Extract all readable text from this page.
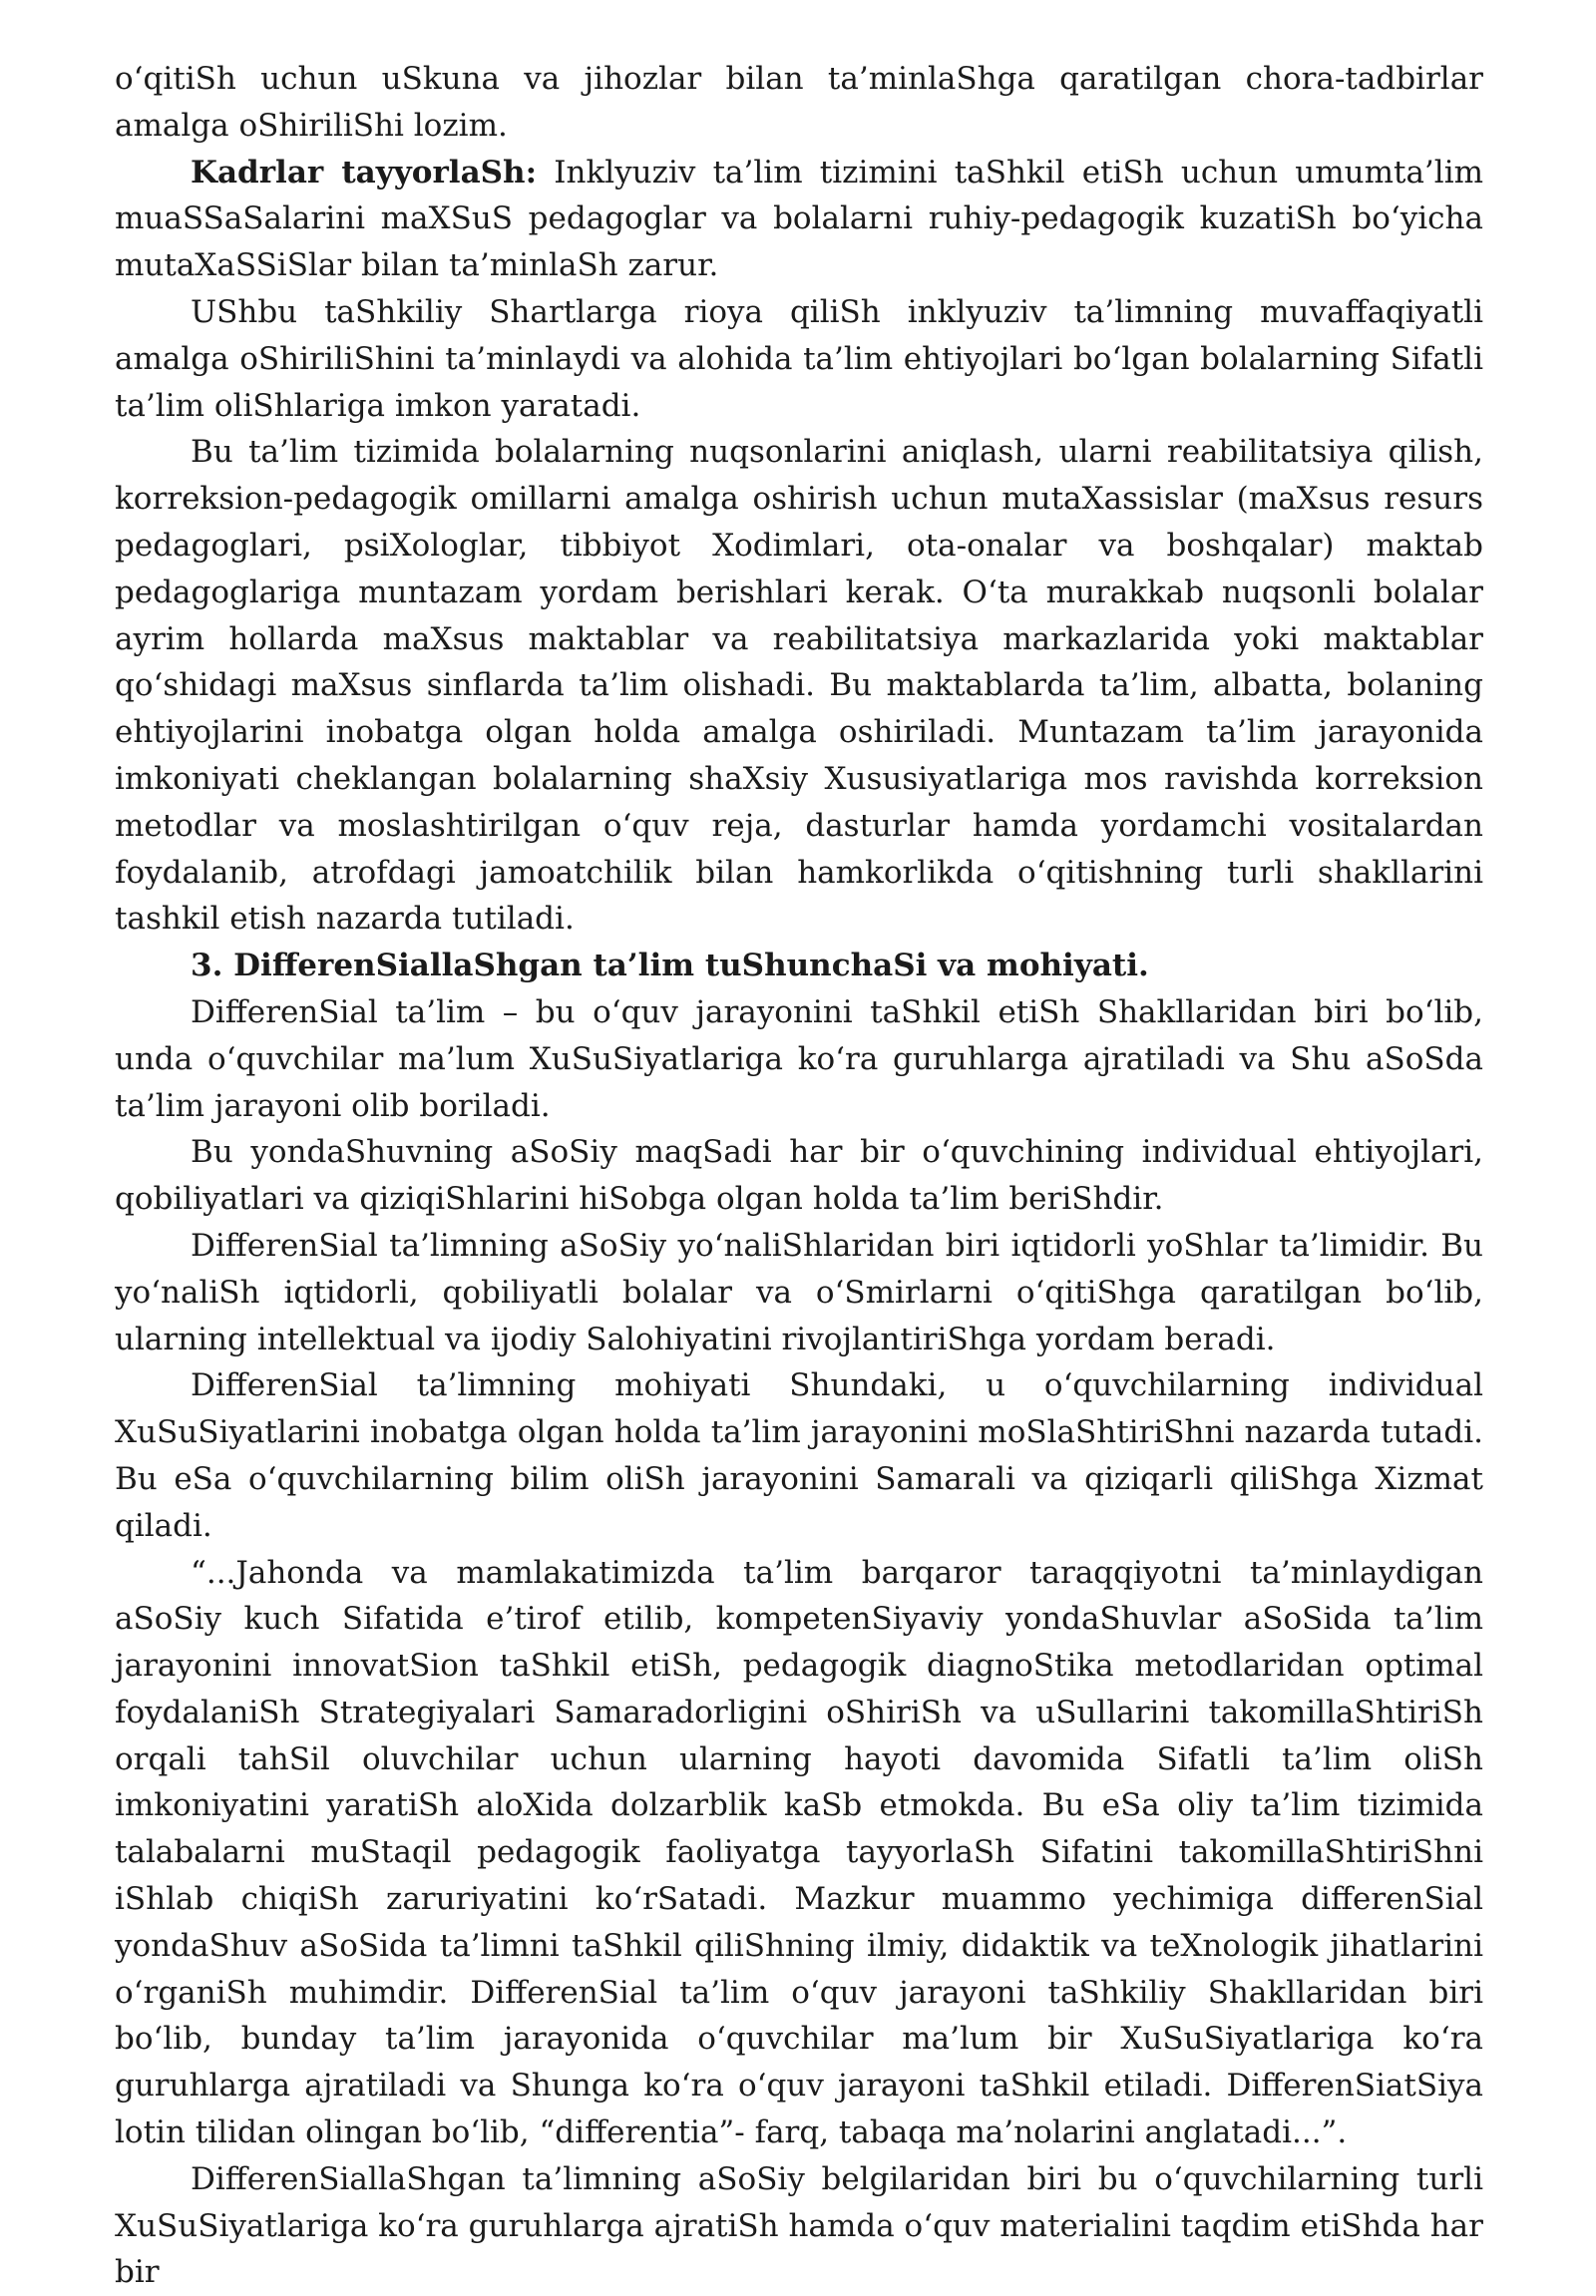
o‘qitiSh uchun uSkuna va jihozlar bilan ta’minlaShga qaratilgan chora-tadbirlar amalga oShiriliShi lozim.

Kadrlar tayyorlaSh: Inklyuziv ta’lim tizimini taShkil etiSh uchun umumta’lim muaSSaSalarini maXSuS pedagoglar va bolalarni ruhiy-pedagogik kuzatiSh bo‘yicha mutaXaSSiSlar bilan ta’minlaSh zarur.

UShbu taShkiliy Shartlarga rioya qiliSh inklyuziv ta’limning muvaffaqiyatli amalga oShiriliShini ta’minlaydi va alohida ta’lim ehtiyojlari bo‘lgan bolalarning Sifatli ta’lim oliShlariga imkon yaratadi.

Bu ta’lim tizimida bolalarning nuqsonlarini aniqlash, ularni reabilitatsiya qilish, korreksion-pedagogik omillarni amalga oshirish uchun mutaXassislar (maXsus resurs pedagoglari, psiXologlar, tibbiyot Xodimlari, ota-onalar va boshqalar) maktab pedagoglariga muntazam yordam berishlari kerak. O‘ta murakkab nuqsonli bolalar ayrim hollarda maXsus maktablar va reabilitatsiya markazlarida yoki maktablar qo‘shidagi maXsus sinflarda ta’lim olishadi. Bu maktablarda ta’lim, albatta, bolaning ehtiyojlarini inobatga olgan holda amalga oshiriladi. Muntazam ta’lim jarayonida imkoniyati cheklangan bolalarning shaXsiy Xususiyatlariga mos ravishda korreksion metodlar va moslashtirilgan o‘quv reja, dasturlar hamda yordamchi vositalardan foydalanib, atrofdagi jamoatchilik bilan hamkorlikda o‘qitishning turli shakllarini tashkil etish nazarda tutiladi.

3. DifferenSiallaShgan ta’lim tuShunchaSi va mohiyati.

DifferenSial ta’lim – bu o‘quv jarayonini taShkil etiSh Shakllaridan biri bo‘lib, unda o‘quvchilar ma’lum XuSuSiyatlariga ko‘ra guruhlarga ajratiladi va Shu aSoSda ta’lim jarayoni olib boriladi.

Bu yondaShuvning aSoSiy maqSadi har bir o‘quvchining individual ehtiyojlari, qobiliyatlari va qiziqiShlarini hiSobga olgan holda ta’lim beriShdir.

DifferenSial ta’limning aSoSiy yo‘naliShlaridan biri iqtidorli yoShlar ta’limidir. Bu yo‘naliSh iqtidorli, qobiliyatli bolalar va o‘Smirlarni o‘qitiShga qaratilgan bo‘lib, ularning intellektual va ijodiy Salohiyatini rivojlantiriShga yordam beradi.

DifferenSial ta’limning mohiyati Shundaki, u o‘quvchilarning individual XuSuSiyatlarini inobatga olgan holda ta’lim jarayonini moSlaShtiriShni nazarda tutadi. Bu eSa o‘quvchilarning bilim oliSh jarayonini Samarali va qiziqarli qiliShga Xizmat qiladi.

“...Jahonda va mamlakatimizda ta’lim barqaror taraqqiyotni ta’minlaydigan aSoSiy kuch Sifatida e’tirof etilib, kompetenSiyaviy yondaShuvlar aSoSida ta’lim jarayonini innovatSion taShkil etiSh, pedagogik diagnoStika metodlaridan optimal foydalaniSh Strategiyalari Samaradorligini oShiriSh va uSullarini takomillaShtiriSh orqali tahSil oluvchilar uchun ularning hayoti davomida Sifatli ta’lim oliSh imkoniyatini yaratiSh aloXida dolzarblik kaSb etmokda. Bu eSa oliy ta’lim tizimida talabalarni muStaqil pedagogik faoliyatga tayyorlaSh Sifatini takomillaShtiriShni iShlab chiqiSh zaruriyatini ko‘rSatadi. Mazkur muammo yechimiga differenSial yondaShuv aSoSida ta’limni taShkil qiliShning ilmiy, didaktik va teXnologik jihatlarini o‘rganiSh muhimdir. DifferenSial ta’lim o‘quv jarayoni taShkiliy Shakllaridan biri bo‘lib, bunday ta’lim jarayonida o‘quvchilar ma’lum bir XuSuSiyatlariga ko‘ra guruhlarga ajratiladi va Shunga ko‘ra o‘quv jarayoni taShkil etiladi. DifferenSiatSiya lotin tilidan olingan bo‘lib, “differentia”- farq, tabaqa ma’nolarini anglatadi...”.

DifferenSiallaShgan ta’limning aSoSiy belgilaridan biri bu o‘quvchilarning turli XuSuSiyatlariga ko‘ra guruhlarga ajratiSh hamda o‘quv materialini taqdim etiShda har bir
